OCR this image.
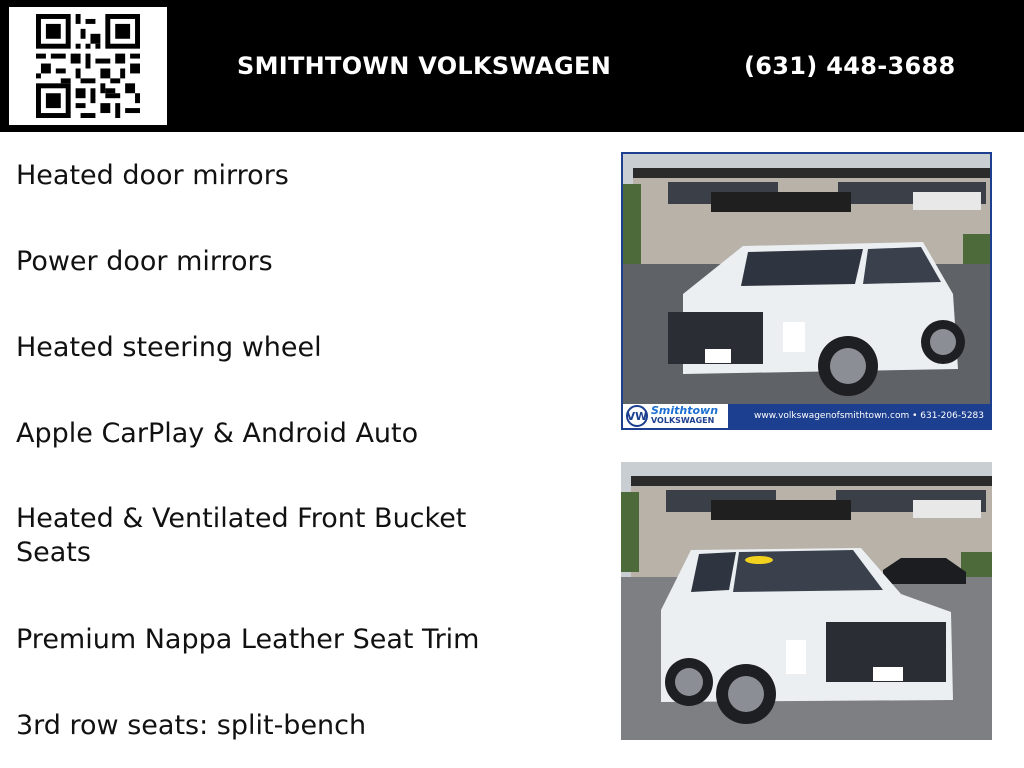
SMITHTOWN VOLKSWAGEN	(631) 448-3688
Heated door mirrors
Power door mirrors
Heated steering wheel
Apple CarPlay & Android Auto
Heated & Ventilated Front Bucket Seats
Premium Nappa Leather Seat Trim
3rd row seats: split-bench
VW Smithtown
VOLKSWAGEN	www.volkswagenofsmithtown.com • 631-206-5283
